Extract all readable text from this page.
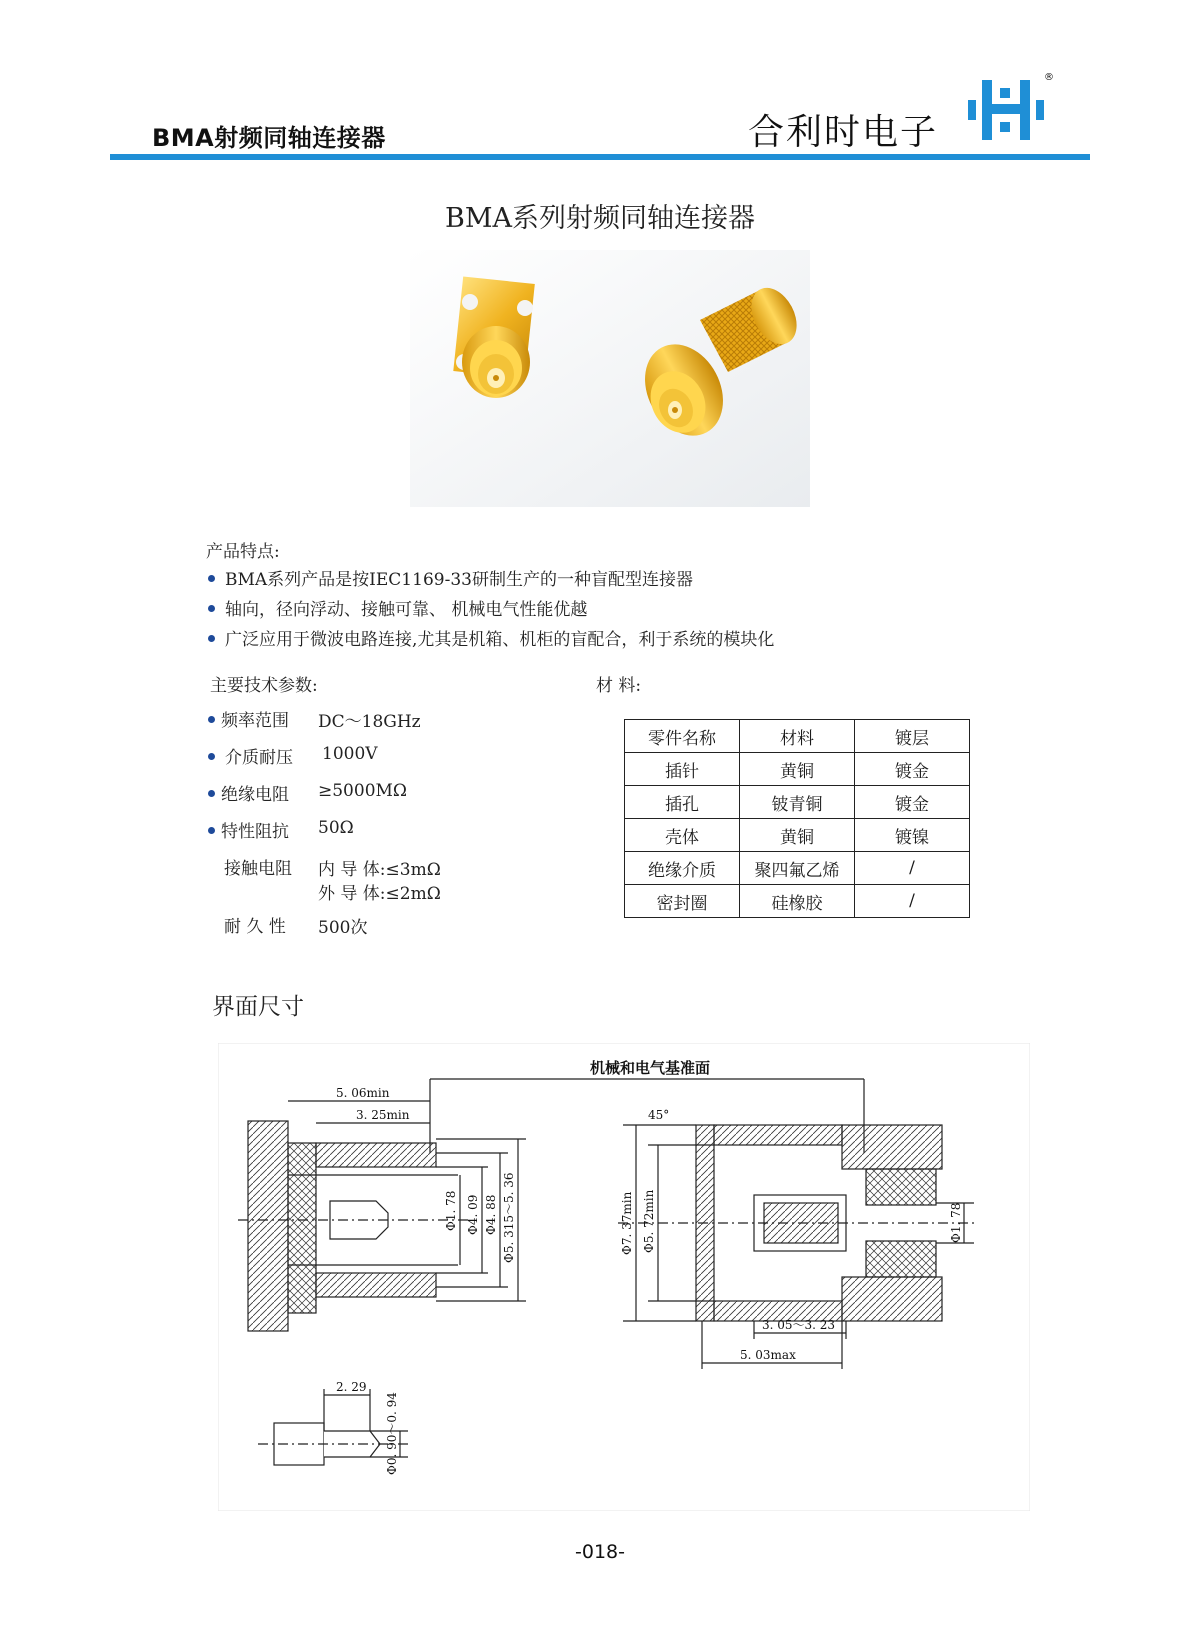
BMA射频同轴连接器	合利时电子
®
BMA系列射频同轴连接器
产品特点:
BMA系列产品是按IEC1169-33研制生产的一种盲配型连接器
轴向，径向浮动、接触可靠、 机械电气性能优越
广泛应用于微波电路连接,尤其是机箱、机柜的盲配合，利于系统的模块化
主要技术参数:
频率范围 DC～18GHz
介质耐压 1000V
绝缘电阻 ≥5000MΩ
特性阻抗 50Ω
接触电阻 内 导 体:≤3mΩ
外 导 体:≤2mΩ
耐 久 性 500次
材 料:
零件名称	材料	镀层
插针	黄铜	镀金
插孔	铍青铜	镀金
壳体	黄铜	镀镍
绝缘介质	聚四氟乙烯	/
密封圈	硅橡胶	/
界面尺寸
机械和电气基准面
5. 06min
3. 25min
Φ1. 78 Φ4. 09 Φ4. 88 Φ5. 315～5. 36
45°
Φ7. 37min Φ5. 72min	Φ1. 78
3. 05～3. 23
5. 03max
2. 29
Φ0. 90～0. 94
-018-
